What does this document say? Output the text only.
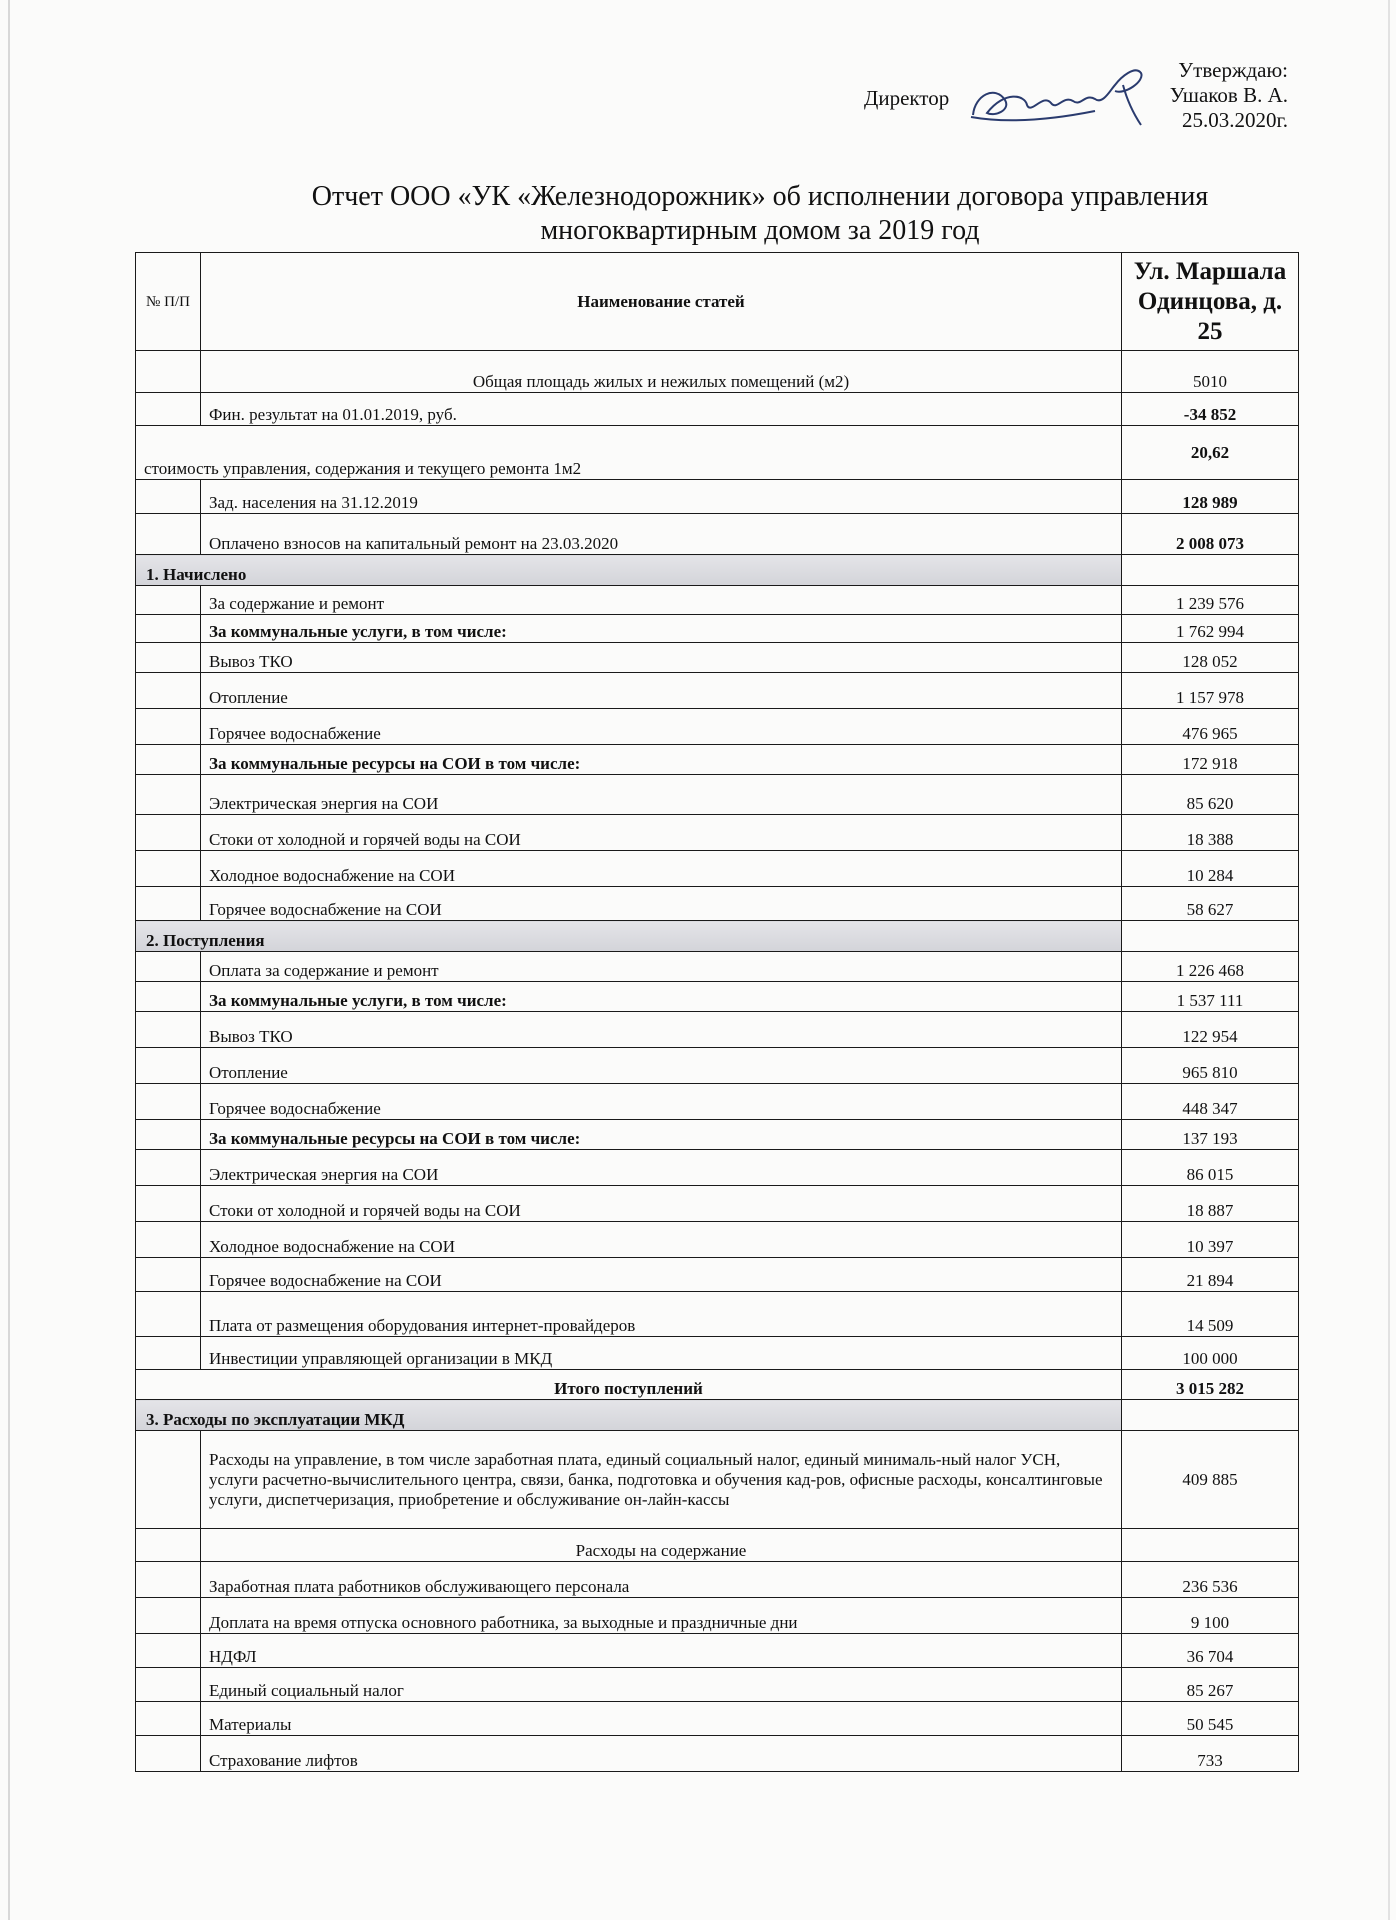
Директор
Утверждаю:
Ушаков В. А.
25.03.2020г.
Отчет ООО «УК «Железнодорожник» об исполнении договора управления
многоквартирным домом за 2019 год
№ П/П	Наименование статей	Ул. Маршала Одинцова, д. 25
	Общая площадь жилых и нежилых помещений (м2)	5010
	Фин. результат на 01.01.2019, руб.	-34 852
стоимость управления, содержания и текущего ремонта 1м2		20,62
	Зад. населения на 31.12.2019	128 989
	Оплачено взносов на капитальный ремонт на 23.03.2020	2 008 073
1. Начислено		
	За содержание и ремонт	1 239 576
	За коммунальные услуги, в том числе:	1 762 994
	Вывоз ТКО	128 052
	Отопление	1 157 978
	Горячее водоснабжение	476 965
	За коммунальные ресурсы на СОИ в том числе:	172 918
	Электрическая энергия на СОИ	85 620
	Стоки от холодной и горячей воды на СОИ	18 388
	Холодное водоснабжение на СОИ	10 284
	Горячее водоснабжение на СОИ	58 627
2. Поступления		
	Оплата за содержание и ремонт	1 226 468
	За коммунальные услуги, в том числе:	1 537 111
	Вывоз ТКО	122 954
	Отопление	965 810
	Горячее водоснабжение	448 347
	За коммунальные ресурсы на СОИ в том числе:	137 193
	Электрическая энергия на СОИ	86 015
	Стоки от холодной и горячей воды на СОИ	18 887
	Холодное водоснабжение на СОИ	10 397
	Горячее водоснабжение на СОИ	21 894
	Плата от размещения оборудования интернет-провайдеров	14 509
	Инвестиции управляющей организации в МКД	100 000
Итого поступлений		3 015 282
3. Расходы по эксплуатации МКД		
	Расходы на управление, в том числе заработная плата, единый социальный налог, единый минималь-ный налог УСН, услуги расчетно-вычислительного центра, связи, банка, подготовка и обучения кад-ров, офисные расходы, консалтинговые услуги, диспетчеризация, приобретение и обслуживание он-лайн-кассы	409 885
	Расходы на содержание	
	Заработная плата работников обслуживающего персонала	236 536
	Доплата на время отпуска основного работника, за выходные и праздничные дни	9 100
	НДФЛ	36 704
	Единый социальный налог	85 267
	Материалы	50 545
	Страхование лифтов	733
